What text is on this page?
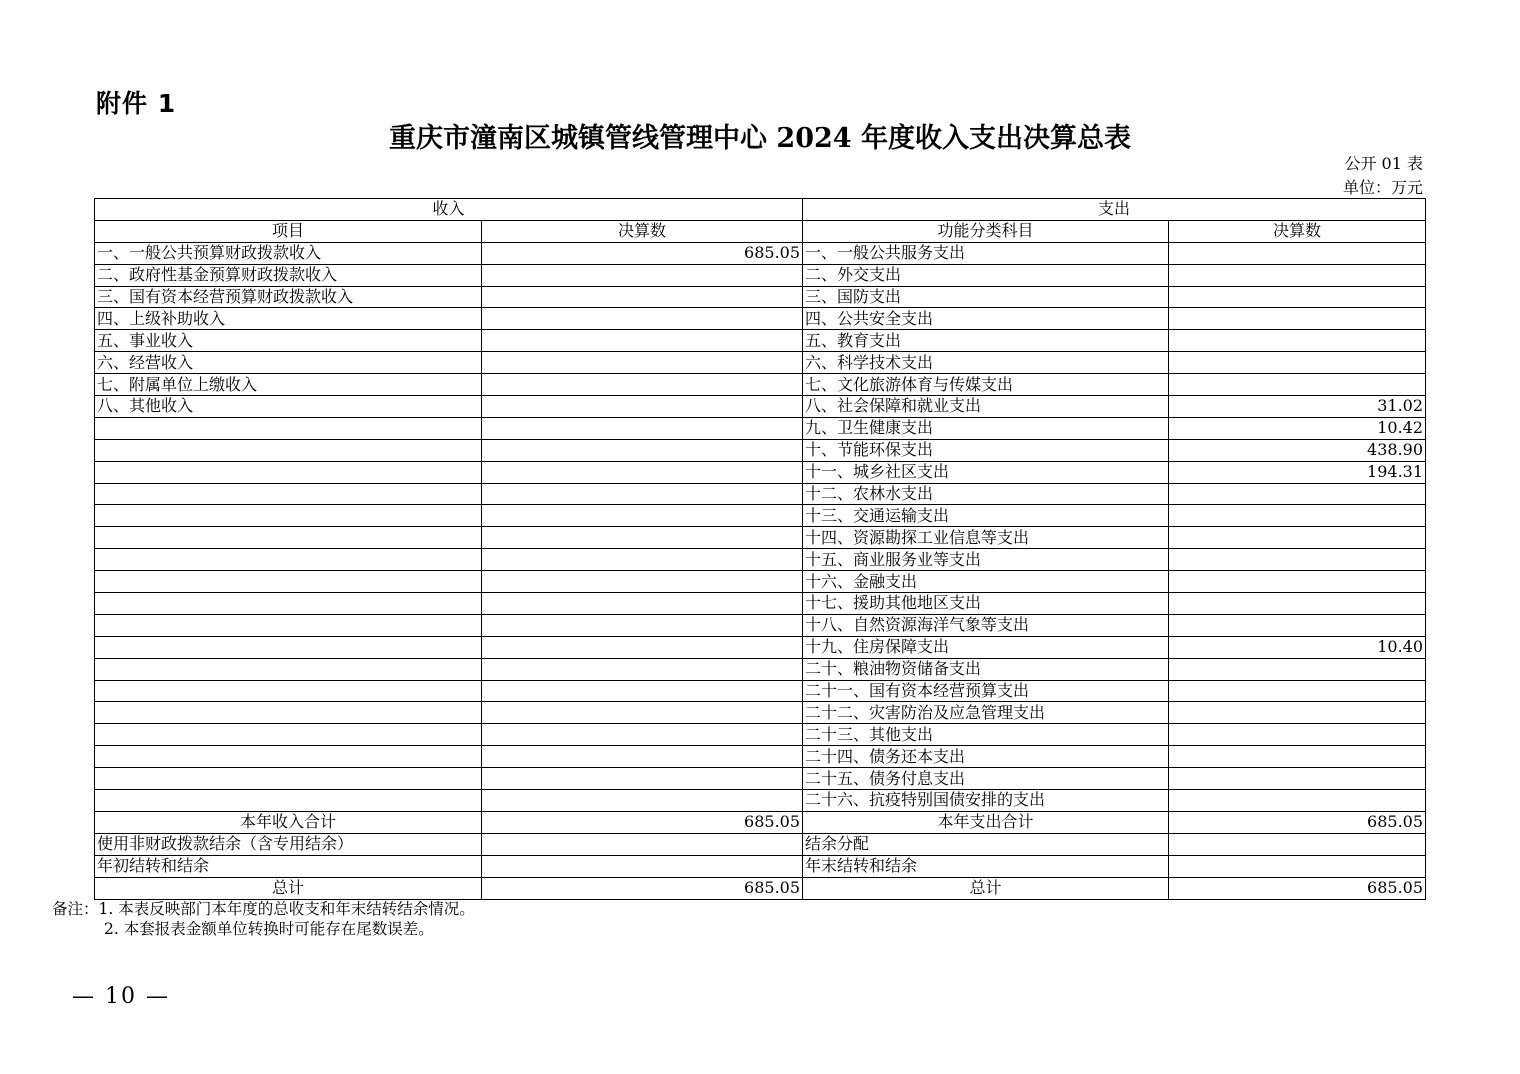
附件 1
重庆市潼南区城镇管线管理中心 2024 年度收入支出决算总表
公开 01 表
单位：万元
收入		支出	
项目	决算数	功能分类科目	决算数
一、一般公共预算财政拨款收入	685.05	一、一般公共服务支出	
二、政府性基金预算财政拨款收入		二、外交支出	
三、国有资本经营预算财政拨款收入		三、国防支出	
四、上级补助收入		四、公共安全支出	
五、事业收入		五、教育支出	
六、经营收入		六、科学技术支出	
七、附属单位上缴收入		七、文化旅游体育与传媒支出	
八、其他收入		八、社会保障和就业支出	31.02
		九、卫生健康支出	10.42
		十、节能环保支出	438.90
		十一、城乡社区支出	194.31
		十二、农林水支出	
		十三、交通运输支出	
		十四、资源勘探工业信息等支出	
		十五、商业服务业等支出	
		十六、金融支出	
		十七、援助其他地区支出	
		十八、自然资源海洋气象等支出	
		十九、住房保障支出	10.40
		二十、粮油物资储备支出	
		二十一、国有资本经营预算支出	
		二十二、灾害防治及应急管理支出	
		二十三、其他支出	
		二十四、债务还本支出	
		二十五、债务付息支出	
		二十六、抗疫特别国债安排的支出	
本年收入合计	685.05	本年支出合计	685.05
使用非财政拨款结余（含专用结余）		结余分配	
年初结转和结余		年末结转和结余	
总计	685.05	总计	685.05
备注：1. 本表反映部门本年度的总收支和年末结转结余情况。
2. 本套报表金额单位转换时可能存在尾数误差。
— 10 —
